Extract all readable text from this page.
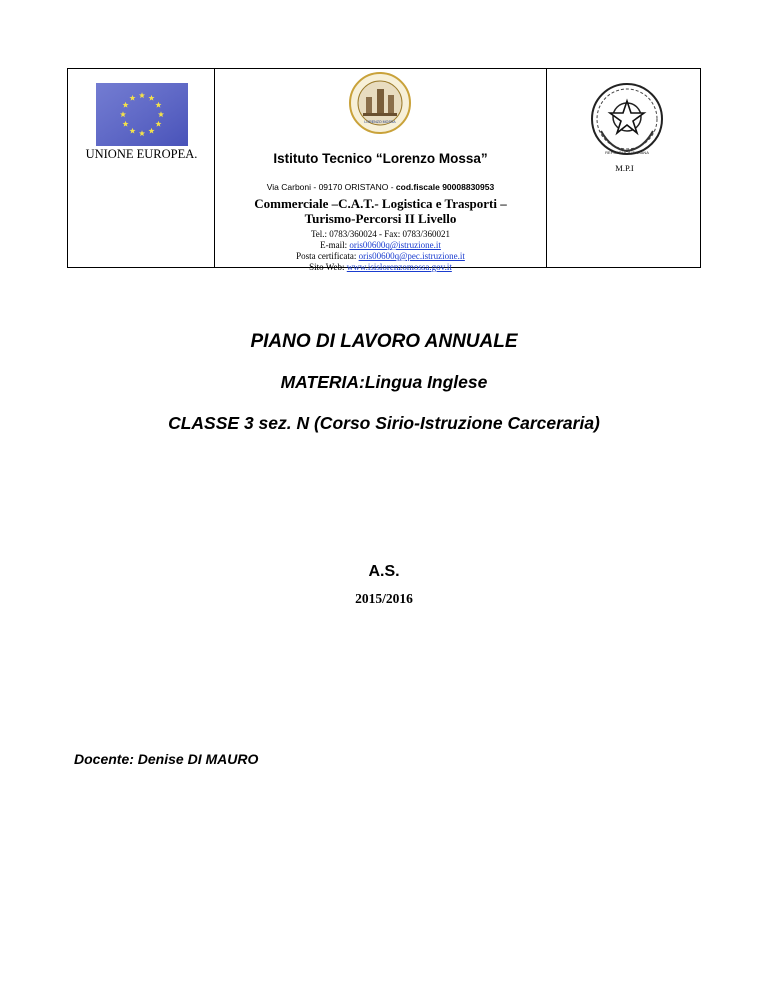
UNIONE EUROPEA.
LORENZO MOSSA
Istituto Tecnico “Lorenzo Mossa”
Via Carboni - 09170 ORISTANO - cod.fiscale 90008830953
Commerciale –C.A.T.- Logistica e Trasporti –
Turismo-Percorsi II Livello
Tel.: 0783/360024 - Fax: 0783/360021
E-mail: oris00600q@istruzione.it
Posta certificata: oris00600q@pec.istruzione.it
Sito Web: www.isislorenzomossa.gov.it
REPUBBLICA ITALIANA
M.P.I
PIANO DI LAVORO ANNUALE
MATERIA:Lingua Inglese
CLASSE 3 sez. N (Corso Sirio-Istruzione Carceraria)
A.S.
2015/2016
Docente: Denise DI MAURO
